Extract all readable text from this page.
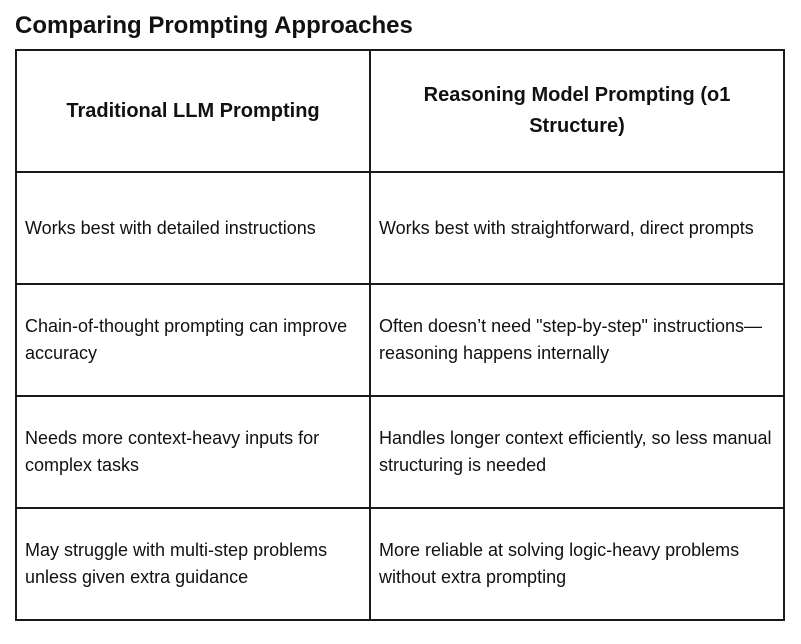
Comparing Prompting Approaches
Traditional LLM Prompting	Reasoning Model Prompting (o1 Structure)
Works best with detailed instructions	Works best with straightforward, direct prompts
Chain-of-thought prompting can improve accuracy	Often doesn’t need "step-by-step" instructions—reasoning happens internally
Needs more context-heavy inputs for complex tasks	Handles longer context efficiently, so less manual structuring is needed
May struggle with multi-step problems unless given extra guidance	More reliable at solving logic-heavy problems without extra prompting
